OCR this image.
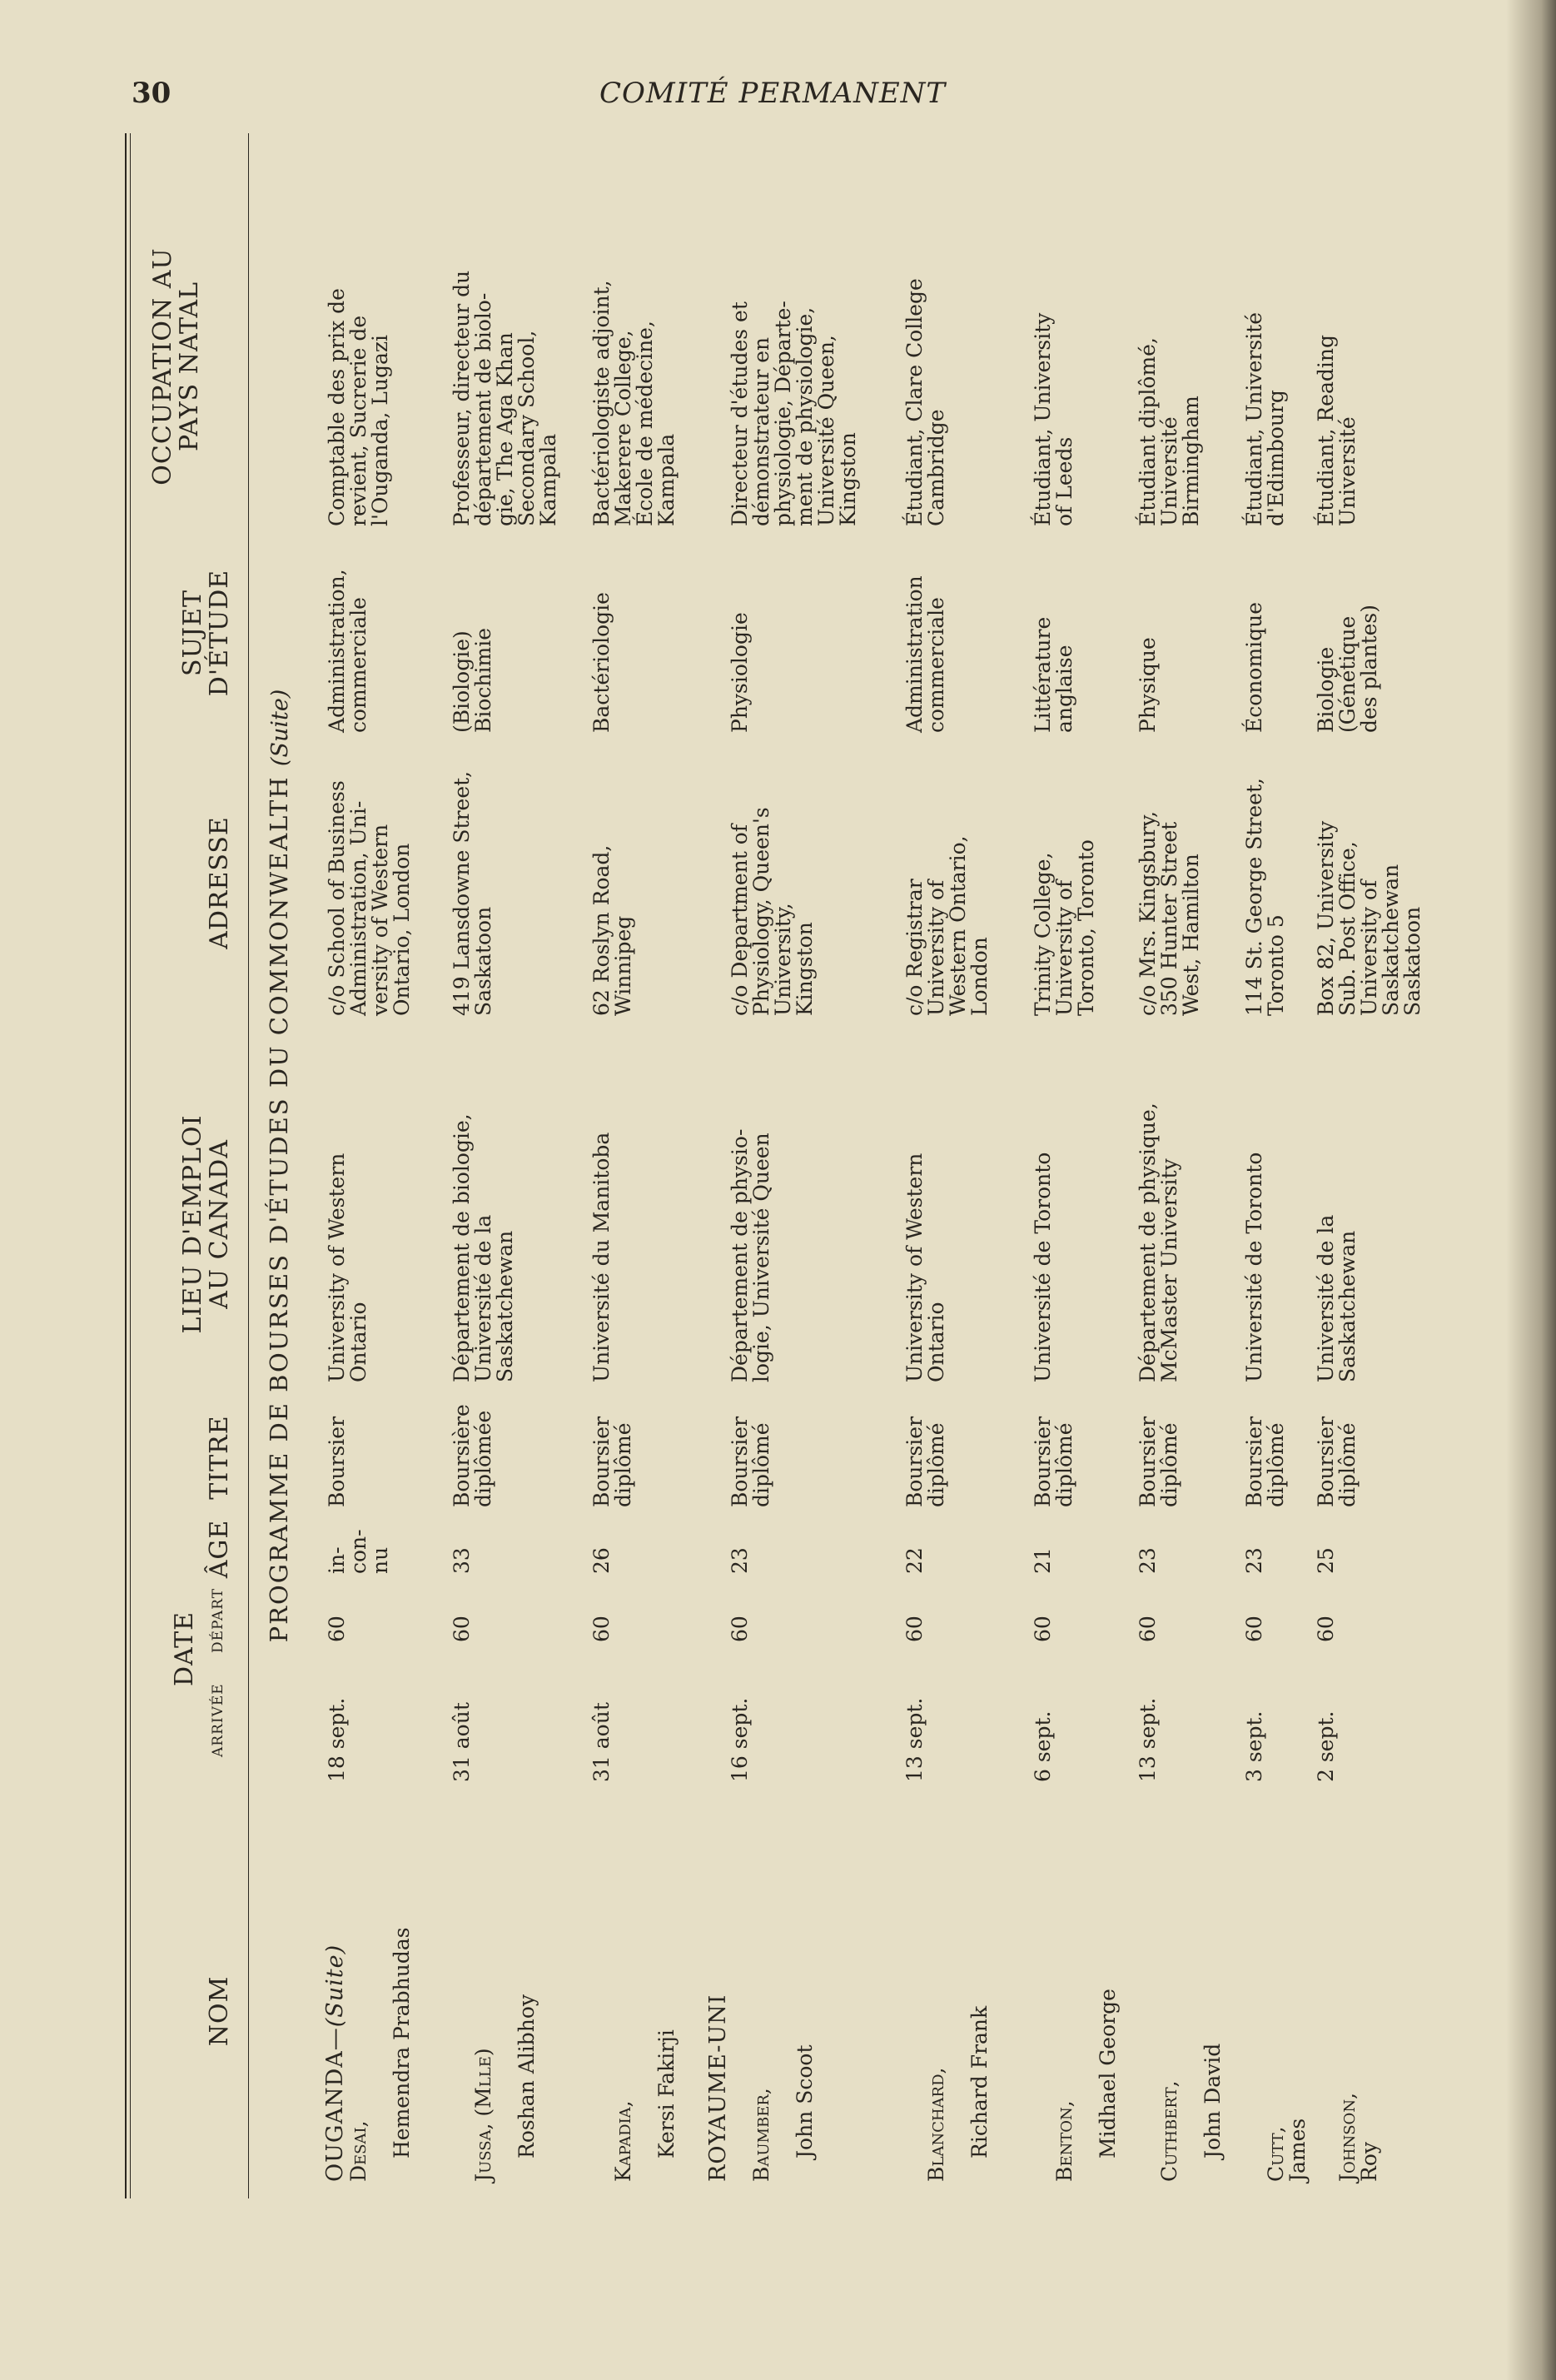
30	COMITÉ PERMANENT
NOM
DATE
ARRIVÉE
DÉPART
ÂGE
TITRE
LIEU D'EMPLOI
AU CANADA
ADRESSE
SUJET
D'ÉTUDE
OCCUPATION AU
PAYS NATAL
PROGRAMME DE BOURSES D'ÉTUDES DU COMMONWEALTH (Suite)

OUGANDA—(Suite)

Desai, Hemendra Prabhudas

18 sept.
60
in-
con-
nu
Boursier
University of Western
Ontario
c/o School of Business
Administration, Uni-
versity of Western
Ontario, London
Administration,
commerciale
Comptable des prix de
revient, Sucrerie de
l'Ouganda, Lugazi

Jussa, (Mlle) Roshan Alibhoy

31 août
60
33
Boursière
diplômée
Département de biologie,
Université de la
Saskatchewan
419 Lansdowne Street,
Saskatoon
(Biologie)
Biochimie
Professeur, directeur du
département de biolo-
gie, The Aga Khan
Secondary School,
Kampala

Kapadia, Kersi Fakirji

31 août
60
26
Boursier
diplômé
Université du Manitoba
62 Roslyn Road,
Winnipeg
Bactériologie
Bactériologiste adjoint,
Makerere College,
École de médecine,
Kampala
ROYAUME-UNI Baumber, John Scoot

16 sept.
60
23
Boursier
diplômé
Département de physio-
logie, Université Queen
c/o Department of
Physiology, Queen's
University,
Kingston
Physiologie
Directeur d'études et
démonstrateur en
physiologie, Départe-
ment de physiologie,
Université Queen,
Kingston

Blanchard, Richard Frank

13 sept.
60
22
Boursier
diplômé
University of Western
Ontario
c/o Registrar
University of
Western Ontario,
London
Administration
commerciale
Étudiant, Clare College
Cambridge

Benton, Midhael George

6 sept.
60
21
Boursier
diplômé
Université de Toronto
Trinity College,
University of
Toronto, Toronto
Littérature
anglaise
Étudiant, University
of Leeds

Cuthbert, John David

13 sept.
60
23
Boursier
diplômé
Département de physique,
McMaster University
c/o Mrs. Kingsbury,
350 Hunter Street
West, Hamilton
Physique
Étudiant diplômé,
Université
Birmingham

Cutt,
James

3 sept.
60
23
Boursier
diplômé
Université de Toronto
114 St. George Street,
Toronto 5
Économique
Étudiant, Université
d'Edimbourg

Johnson,
Roy

2 sept.
60
25
Boursier
diplômé
Université de la
Saskatchewan
Box 82, University
Sub. Post Office,
University of
Saskatchewan
Saskatoon
Biologie
(Génétique
des plantes)
Étudiant, Reading
Université
